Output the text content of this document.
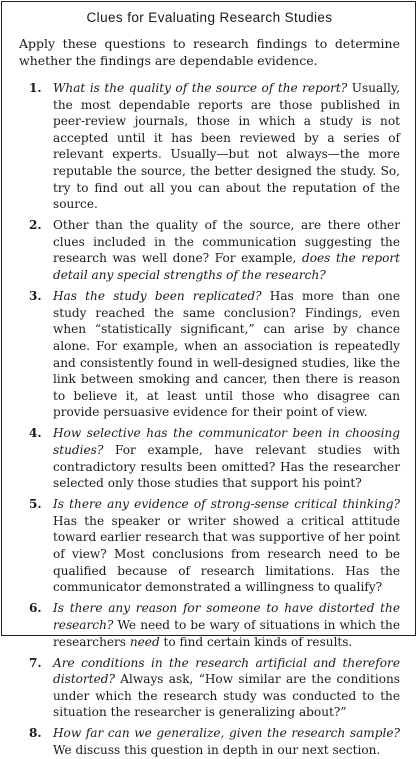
Clues for Evaluating Research Studies

Apply these questions to research findings to determine whether the findings are dependable evidence.

1. What is the quality of the source of the report? Usually, the most dependable reports are those published in peer-review journals, those in which a study is not accepted until it has been reviewed by a series of relevant experts. Usually—but not always—the more reputable the source, the better designed the study. So, try to find out all you can about the reputation of the source.
2. Other than the quality of the source, are there other clues included in the communication suggesting the research was well done? For example, does the report detail any special strengths of the research?
3. Has the study been replicated? Has more than one study reached the same conclusion? Findings, even when “statistically significant,” can arise by chance alone. For example, when an association is repeatedly and consistently found in well-designed studies, like the link between smoking and cancer, then there is reason to believe it, at least until those who disagree can provide persuasive evidence for their point of view.
4. How selective has the communicator been in choosing studies? For example, have relevant studies with contradictory results been omitted? Has the researcher selected only those studies that support his point?
5. Is there any evidence of strong-sense critical thinking? Has the speaker or writer showed a critical attitude toward earlier research that was supportive of her point of view? Most conclusions from research need to be qualified because of research limitations. Has the communicator demonstrated a willingness to qualify?
6. Is there any reason for someone to have distorted the research? We need to be wary of situations in which the researchers need to find certain kinds of results.
7. Are conditions in the research artificial and therefore distorted? Always ask, “How similar are the conditions under which the research study was conducted to the situation the researcher is generalizing about?”
8. How far can we generalize, given the research sample? We discuss this question in depth in our next section.
